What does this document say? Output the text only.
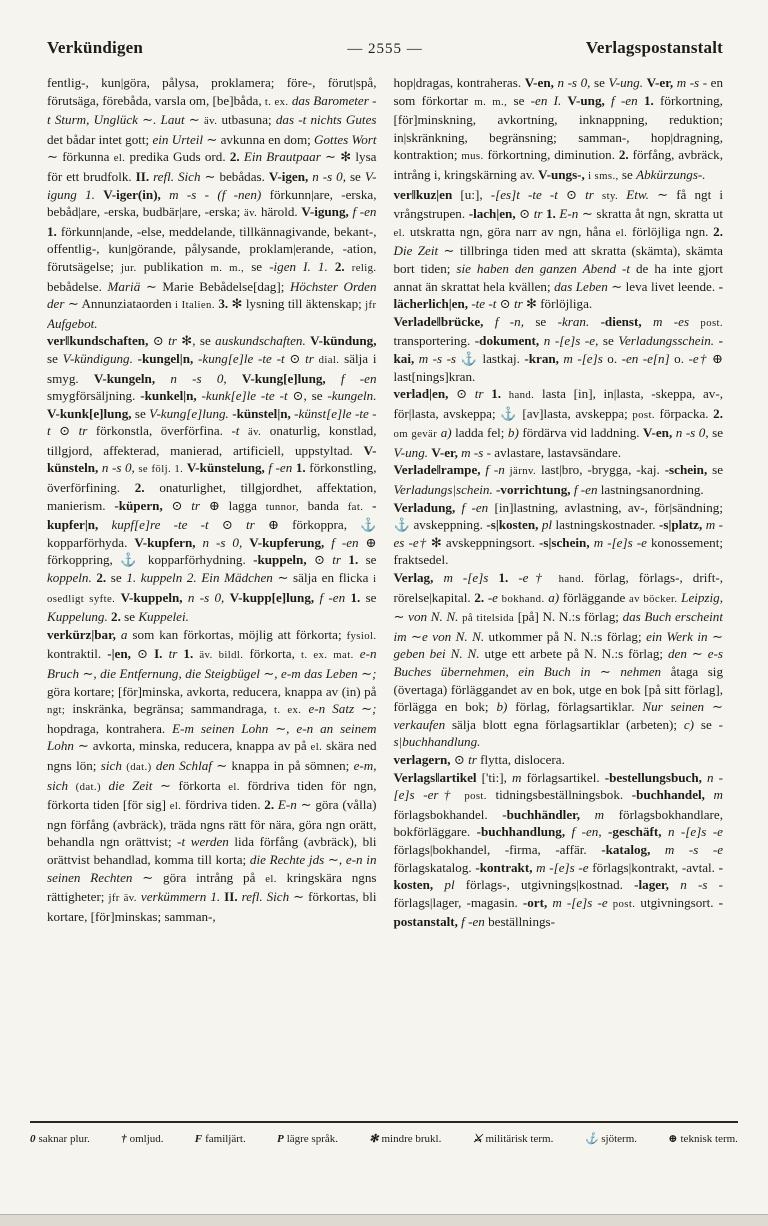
Verkündigen	— 2555 —	Verlagspostanstalt

fentlig-, kun|göra, pålysa, proklamera; före-, förut|spå, förutsäga, förebåda, varsla om, [be]båda, t. ex. das Barometer -t Sturm, Unglück ∼. Laut ∼ äv. utbasuna; das -t nichts Gutes det bådar intet gott; ein Urteil ∼ avkunna en dom; Gottes Wort ∼ förkunna el. predika Guds ord. 2. Ein Brautpaar ∼ ✻ lysa för ett brudfolk. II. refl. Sich ∼ bebådas. V-igen, n -s 0, se V-igung 1. V-iger(in), m -s - (f -nen) förkunn|are, -erska, bebåd|are, -erska, budbär|are, -erska; äv. härold. V-igung, f -en 1. förkunn|ande, -else, meddelande, tillkännagivande, bekant-, offentlig-, kun|görande, pålysande, proklam|erande, -ation, förutsägelse; jur. publikation m. m., se -igen I. 1. 2. relig. bebådelse. Mariä ∼ Marie Bebådelse[dag]; Höchster Orden der ∼ Annunziataorden i Italien. 3. ✻ lysning till äktenskap; jfr Aufgebot.

ver‖kundschaften, ⊙ tr ✻, se auskundschaften. V-kündung, se V-kündigung. -kungel|n, -kung[e]le -te -t ⊙ tr dial. sälja i smyg. V-kungeln, n -s 0, V-kung[e]lung, f -en smygförsäljning. -kunkel|n, -kunk[e]le -te -t ⊙, se -kungeln. V-kunk[e]lung, se V-kung[e]lung. -künstel|n, -künst[e]le -te -t ⊙ tr förkonstla, överförfina. -t äv. onaturlig, konstlad, tillgjord, affekterad, manierad, artificiell, uppstyltad. V-künsteln, n -s 0, se följ. 1. V-künstelung, f -en 1. förkonstling, överförfining. 2. onaturlighet, tillgjordhet, affektation, manierism. -küpern, ⊙ tr ⊕ lagga tunnor, banda fat. -kupfer|n, kupf[e]re -te -t ⊙ tr ⊕ förkoppra, ⚓ kopparförhyda. V-kupfern, n -s 0, V-kupferung, f -en ⊕ förkoppring, ⚓ kopparförhydning. -kuppeln, ⊙ tr 1. se koppeln. 2. se 1. kuppeln 2. Ein Mädchen ∼ sälja en flicka i osedligt syfte. V-kuppeln, n -s 0, V-kupp[e]lung, f -en 1. se Kuppelung. 2. se Kuppelei.

verkürz|bar, a som kan förkortas, möjlig att förkorta; fysiol. kontraktil. -|en, ⊙ I. tr 1. äv. bildl. förkorta, t. ex. mat. e-n Bruch ∼, die Entfernung, die Steigbügel ∼, e-m das Leben ∼; göra kortare; [för]minska, avkorta, reducera, knappa av (in) på ngt; inskränka, begränsa; sammandraga, t. ex. e-n Satz ∼; hopdraga, kontrahera. E-m seinen Lohn ∼, e-n an seinem Lohn ∼ avkorta, minska, reducera, knappa av på el. skära ned ngns lön; sich (dat.) den Schlaf ∼ knappa in på sömnen; e-m, sich (dat.) die Zeit ∼ förkorta el. fördriva tiden för ngn, förkorta tiden [för sig] el. fördriva tiden. 2. E-n ∼ göra (vålla) ngn förfång (avbräck), träda ngns rätt för nära, göra ngn orätt, behandla ngn orättvist; -t werden lida förfång (avbräck), bli orättvist behandlad, komma till korta; die Rechte jds ∼, e-n in seinen Rechten ∼ göra intrång på el. kringskära ngns rättigheter; jfr äv. verkümmern 1. II. refl. Sich ∼ förkortas, bli kortare, [för]minskas; samman-,

hop|dragas, kontraheras. V-en, n -s 0, se V-ung. V-er, m -s - en som förkortar m. m., se -en I. V-ung, f -en 1. förkortning, [för]minskning, avkortning, inknappning, reduktion; in|skränkning, begränsning; samman-, hop|dragning, kontraktion; mus. förkortning, diminution. 2. förfång, avbräck, intrång i, kringskärning av. V-ungs-, i sms., se Abkürzungs-.

ver‖kuz|en [u:], -[es]t -te -t ⊙ tr sty. Etw. ∼ få ngt i vrångstrupen. -lach|en, ⊙ tr 1. E-n ∼ skratta åt ngn, skratta ut el. utskratta ngn, göra narr av ngn, håna el. förlöjliga ngn. 2. Die Zeit ∼ tillbringa tiden med att skratta (skämta), skämta bort tiden; sie haben den ganzen Abend -t de ha inte gjort annat än skrattat hela kvällen; das Leben ∼ leva livet leende. -lächerlich|en, -te -t ⊙ tr ✻ förlöjliga.

Verlade‖brücke, f -n, se -kran. -dienst, m -es post. transportering. -dokument, n -[e]s -e, se Verladungsschein. -kai, m -s -s ⚓ lastkaj. -kran, m -[e]s o. -en -e[n] o. -e† ⊕ last[nings]kran.

verlad|en, ⊙ tr 1. hand. lasta [in], in|lasta, -skeppa, av-, för|lasta, avskeppa; ⚓ [av]lasta, avskeppa; post. förpacka. 2. om gevär a) ladda fel; b) fördärva vid laddning. V-en, n -s 0, se V-ung. V-er, m -s - avlastare, lastavsändare.

Verlade‖rampe, f -n järnv. last|bro, -brygga, -kaj. -schein, se Verladungs|schein. -vorrichtung, f -en lastningsanordning.

Verladung, f -en [in]lastning, avlastning, av-, för|sändning; ⚓ avskeppning. -s|kosten, pl lastningskostnader. -s|platz, m -es -e† ✻ avskeppningsort. -s|schein, m -[e]s -e konossement; fraktsedel.

Verlag, m -[e]s 1. -e† hand. förlag, förlags-, drift-, rörelse|kapital. 2. -e bokhand. a) förläggande av böcker. Leipzig, ∼ von N. N. på titelsida [på] N. N.:s förlag; das Buch erscheint im ∼e von N. N. utkommer på N. N.:s förlag; ein Werk in ∼ geben bei N. N. utge ett arbete på N. N.:s förlag; den ∼ e-s Buches übernehmen, ein Buch in ∼ nehmen åtaga sig (övertaga) förläggandet av en bok, utge en bok [på sitt förlag], förlägga en bok; b) förlag, förlagsartiklar. Nur seinen ∼ verkaufen sälja blott egna förlagsartiklar (arbeten); c) se -s|buchhandlung.

verlagern, ⊙ tr flytta, dislocera.

Verlags‖artikel ['ti:], m förlagsartikel. -bestellungsbuch, n -[e]s -er† post. tidningsbeställningsbok. -buchhandel, m förlagsbokhandel. -buchhändler, m förlagsbokhandlare, bokförläggare. -buchhandlung, f -en, -geschäft, n -[e]s -e förlags|bokhandel, -firma, -affär. -katalog, m -s -e förlagskatalog. -kontrakt, m -[e]s -e förlags|kontrakt, -avtal. -kosten, pl förlags-, utgivnings|kostnad. -lager, n -s - förlags|lager, -magasin. -ort, m -[e]s -e post. utgivningsort. -postanstalt, f -en beställnings-

0 saknar plur.	† omljud.	F familjärt.	P lägre språk.	✻ mindre brukl.	⚔ militärisk term.	⚓ sjöterm.	⊕ teknisk term.
